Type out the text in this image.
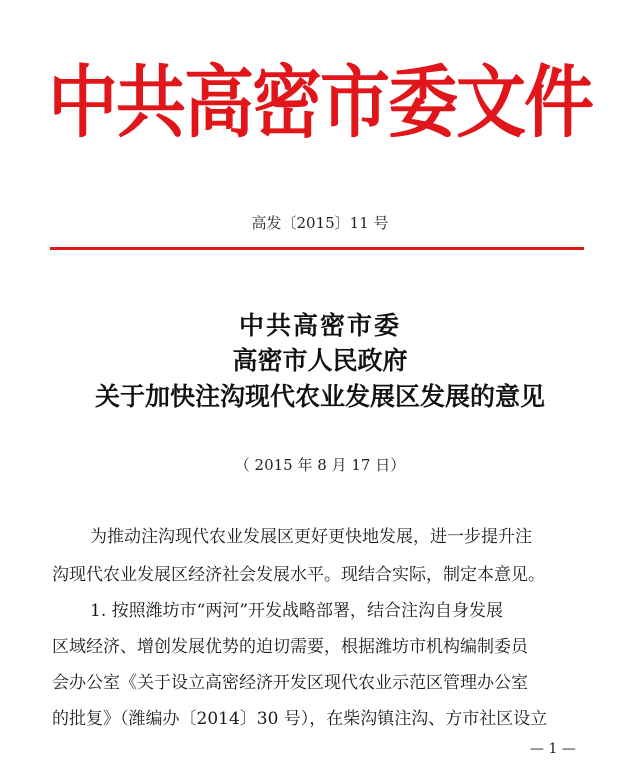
中共高密市委文件
高发〔2015〕11 号
中共高密市委
高密市人民政府
关于加快注沟现代农业发展区发展的意见
（ 2015 年 8 月 17 日）
为推动注沟现代农业发展区更好更快地发展，进一步提升注
沟现代农业发展区经济社会发展水平。现结合实际，制定本意见。
1. 按照潍坊市“两河”开发战略部署，结合注沟自身发展
区域经济、增创发展优势的迫切需要，根据潍坊市机构编制委员
会办公室《关于设立高密经济开发区现代农业示范区管理办公室
的批复》（潍编办〔2014〕30 号），在柴沟镇注沟、方市社区设立
— 1 —
